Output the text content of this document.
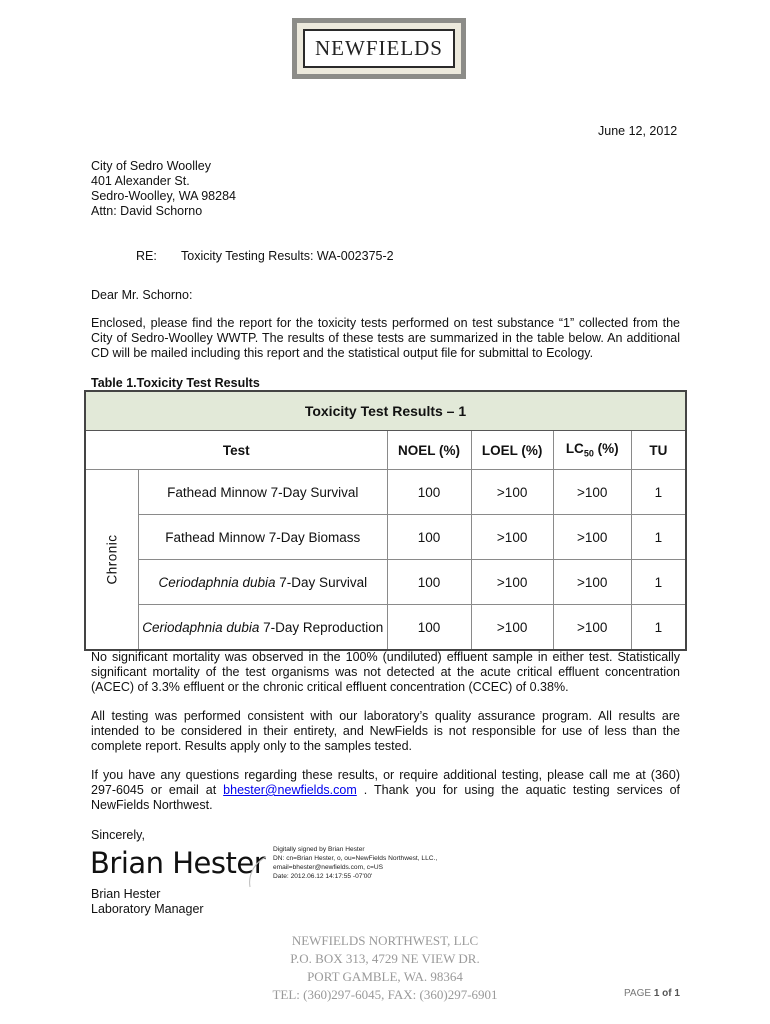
NEWFIELDS
June 12, 2012
City of Sedro Woolley
401 Alexander St.
Sedro-Woolley, WA 98284
Attn: David Schorno
RE: Toxicity Testing Results: WA-002375-2
Dear Mr. Schorno:
Enclosed, please find the report for the toxicity tests performed on test substance “1” collected from the City of Sedro-Woolley WWTP. The results of these tests are summarized in the table below. An additional CD will be mailed including this report and the statistical output file for submittal to Ecology.
Table 1.Toxicity Test Results
Toxicity Test Results – 1					
Test		NOEL (%)	LOEL (%)	$LC_{50}$ (%)	TU
Chronic	Fathead Minnow 7-Day Survival	100	>100	>100	1
	Fathead Minnow 7-Day Biomass	100	>100	>100	1
	Ceriodaphnia dubia 7-Day Survival	100	>100	>100	1
	Ceriodaphnia dubia 7-Day Reproduction	100	>100	>100	1
No significant mortality was observed in the 100% (undiluted) effluent sample in either test. Statistically significant mortality of the test organisms was not detected at the acute critical effluent concentration (ACEC) of 3.3% effluent or the chronic critical effluent concentration (CCEC) of 0.38%.
All testing was performed consistent with our laboratory’s quality assurance program. All results are intended to be considered in their entirety, and NewFields is not responsible for use of less than the complete report. Results apply only to the samples tested.
If you have any questions regarding these results, or require additional testing, please call me at (360) 297-6045 or email at bhester@newfields.com . Thank you for using the aquatic testing services of NewFields Northwest.
Sincerely,
Brian Hester Digitally signed by Brian Hester
DN: cn=Brian Hester, o, ou=NewFields Northwest, LLC.,
email=bhester@newfields.com, c=US
Date: 2012.06.12 14:17:55 -07'00'
Brian Hester
Laboratory Manager
NEWFIELDS NORTHWEST, LLC
P.O. BOX 313, 4729 NE VIEW DR.
PORT GAMBLE, WA. 98364
TEL: (360)297-6045, FAX: (360)297-6901	PAGE 1 of 1
